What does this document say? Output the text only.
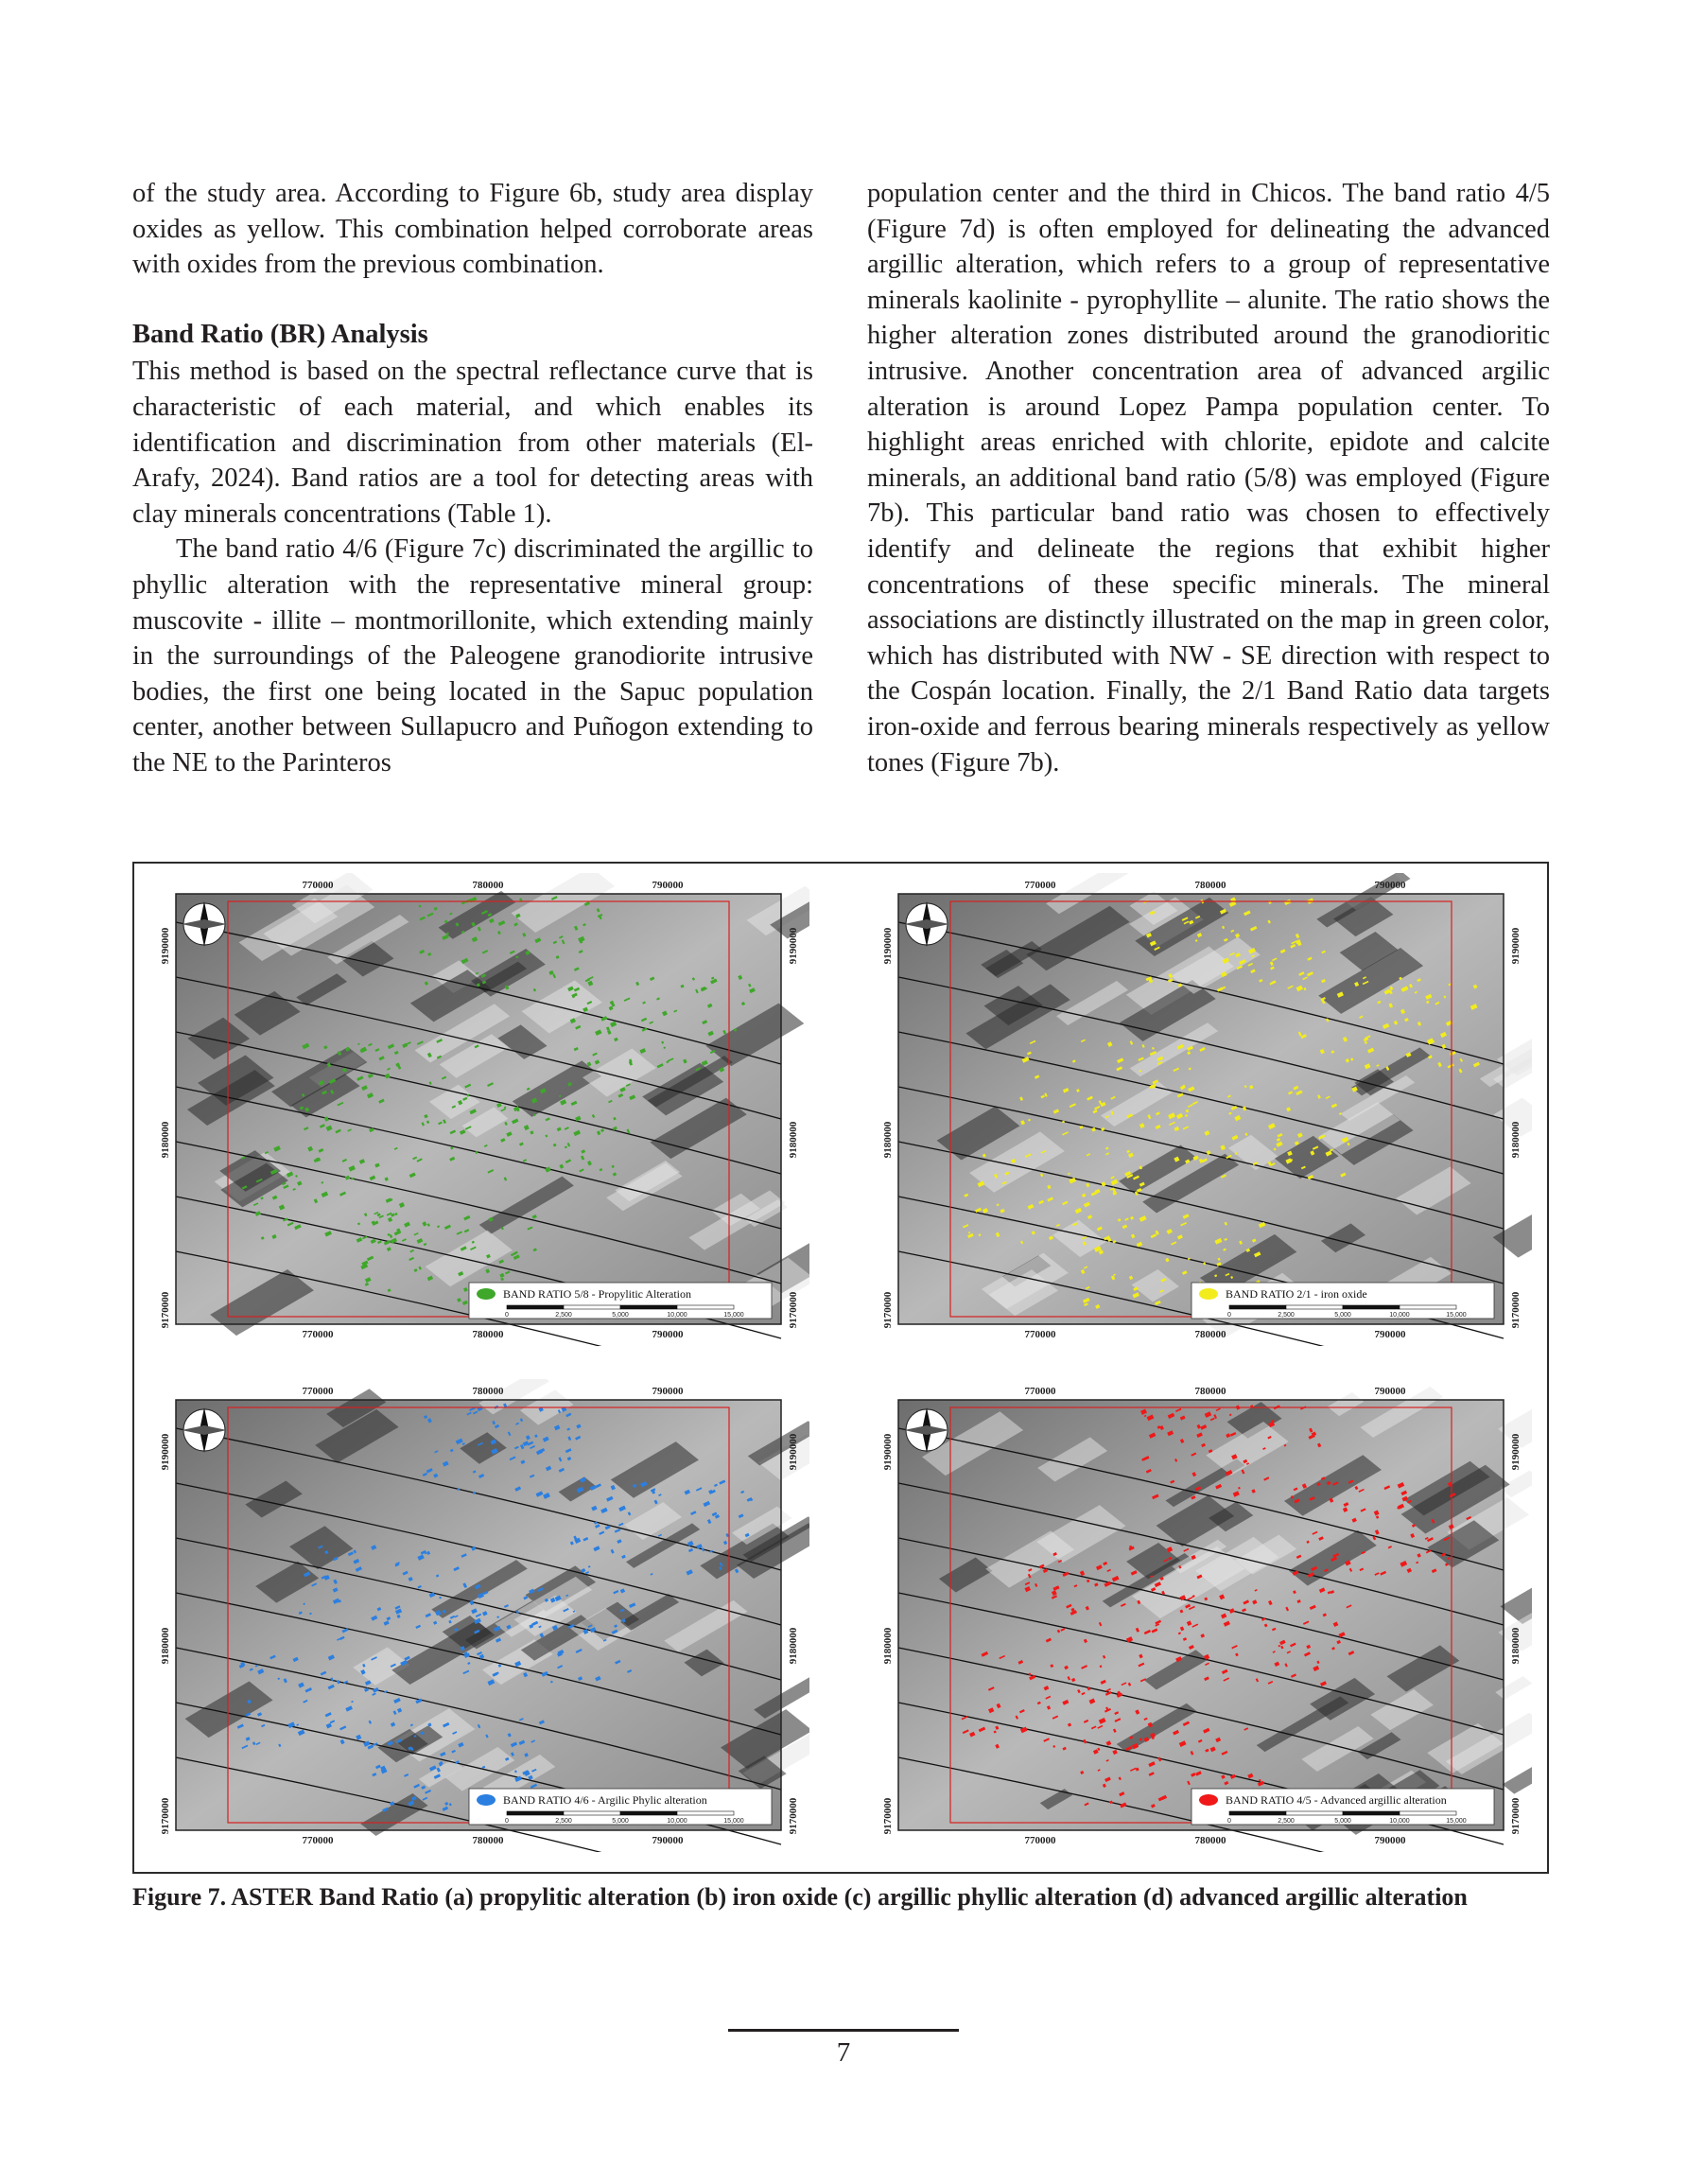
of the study area. According to Figure 6b, study area display oxides as yellow. This combination helped corroborate areas with oxides from the previous combination.

Band Ratio (BR) Analysis

This method is based on the spectral reflectance curve that is characteristic of each material, and which enables its identification and discrimination from other materials (El-Arafy, 2024). Band ratios are a tool for detecting areas with clay minerals concentrations (Table 1).

The band ratio 4/6 (Figure 7c) discriminated the argillic to phyllic alteration with the representative mineral group: muscovite - illite – montmorillonite, which extending mainly in the surroundings of the Paleogene granodiorite intrusive bodies, the first one being located in the Sapuc population center, another between Sullapucro and Puñogon extending to the NE to the Parinteros

population center and the third in Chicos. The band ratio 4/5 (Figure 7d) is often employed for delineating the advanced argillic alteration, which refers to a group of representative minerals kaolinite - pyrophyllite – alunite. The ratio shows the higher alteration zones distributed around the granodioritic intrusive. Another concentration area of advanced argilic alteration is around Lopez Pampa population center. To highlight areas enriched with chlorite, epidote and calcite minerals, an additional band ratio (5/8) was employed (Figure 7b). This particular band ratio was chosen to effectively identify and delineate the regions that exhibit higher concentrations of these specific minerals. The mineral associations are distinctly illustrated on the map in green color, which has distributed with NW - SE direction with respect to the Cospán location. Finally, the 2/1 Band Ratio data targets iron-oxide and ferrous bearing minerals respectively as yellow tones (Figure 7b).

770000
770000
780000
780000
790000
790000
9190000	9190000
9180000	9180000
9170000	9170000
BAND RATIO 5/8 - Propylitic Alteration
0	2,500	5,000	10,000	15,000
770000
770000
780000
780000
790000
790000
9190000	9190000
9180000	9180000
9170000	9170000
BAND RATIO 2/1 - iron oxide
0	2,500	5,000	10,000	15,000
770000
770000
780000
780000
790000
790000
9190000	9190000
9180000	9180000
9170000	9170000
BAND RATIO 4/6 - Argilic Phylic alteration
0	2,500	5,000	10,000	15,000
770000
770000
780000
780000
790000
790000
9190000	9190000
9180000	9180000
9170000	9170000
BAND RATIO 4/5 - Advanced argillic alteration
0	2,500	5,000	10,000	15,000
Figure 7. ASTER Band Ratio (a) propylitic alteration (b) iron oxide (c) argillic phyllic alteration (d) advanced argillic alteration
7
